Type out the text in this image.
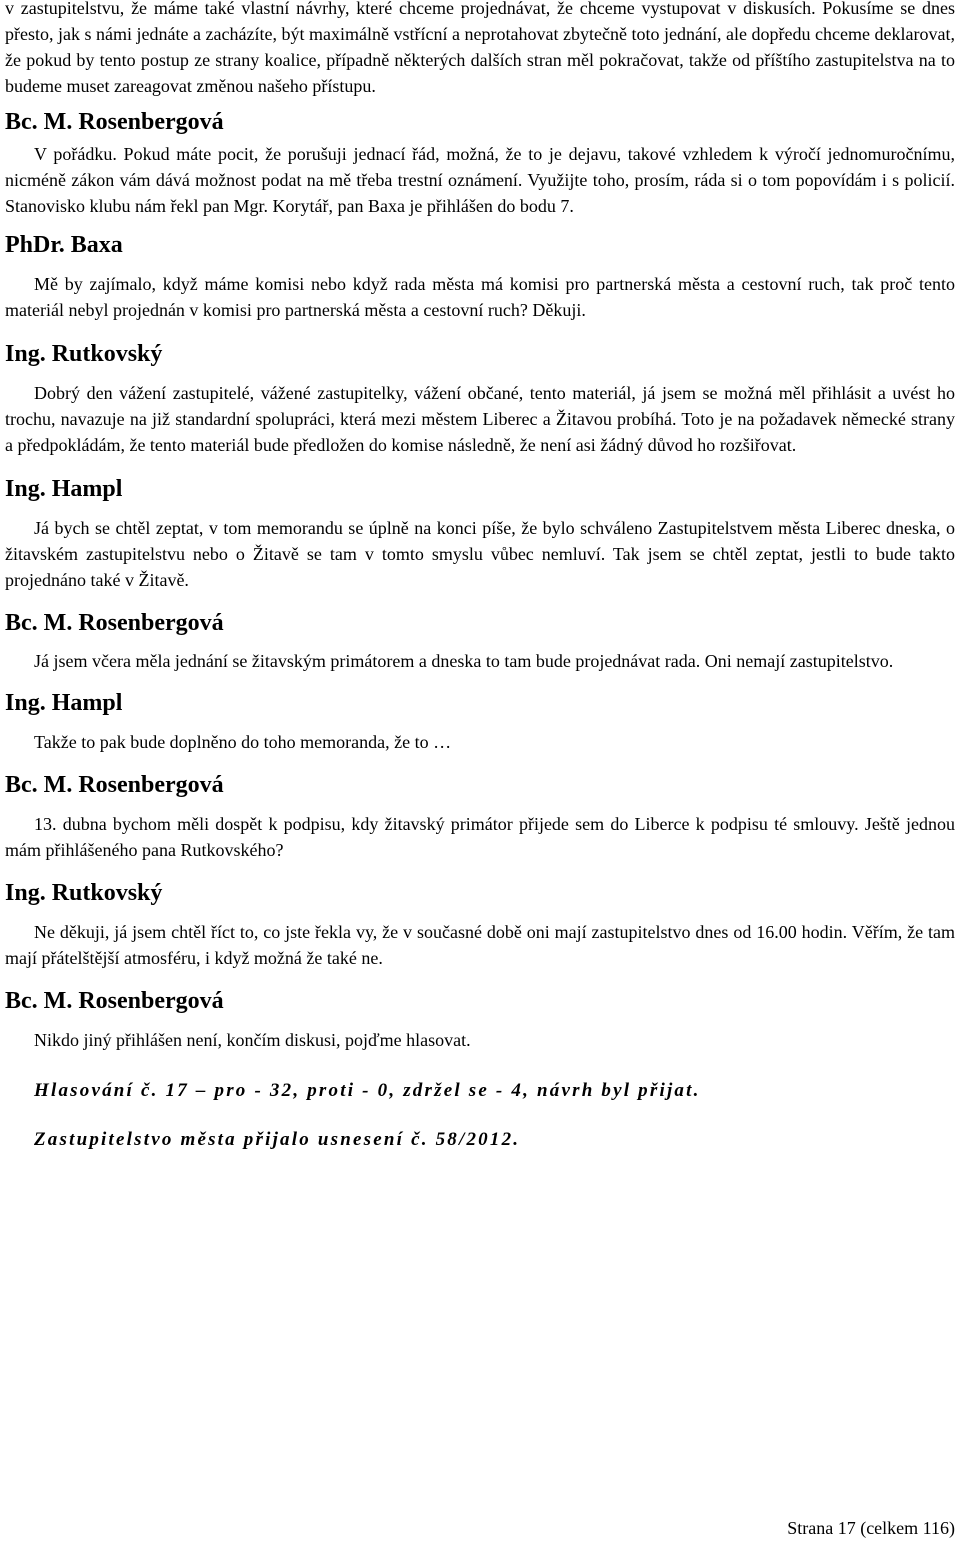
v zastupitelstvu, že máme také vlastní návrhy, které chceme projednávat, že chceme vystupovat v diskusích. Pokusíme se dnes přesto, jak s námi jednáte a zacházíte, být maximálně vstřícní a neprotahovat zbytečně toto jednání, ale dopředu chceme deklarovat, že pokud by tento postup ze strany koalice, případně některých dalších stran měl pokračovat, takže od příštího zastupitelstva na to budeme muset zareagovat změnou našeho přístupu.
Bc. M. Rosenbergová
V pořádku. Pokud máte pocit, že porušuji jednací řád, možná, že to je dejavu, takové vzhledem k výročí jednomuročnímu, nicméně zákon vám dává možnost podat na mě třeba trestní oznámení. Využijte toho, prosím, ráda si o tom popovídám i s policií. Stanovisko klubu nám řekl pan Mgr. Korytář, pan Baxa je přihlášen do bodu 7.
PhDr. Baxa
Mě by zajímalo, když máme komisi nebo když rada města má komisi pro partnerská města a cestovní ruch, tak proč tento materiál nebyl projednán v komisi pro partnerská města a cestovní ruch? Děkuji.
Ing. Rutkovský
Dobrý den vážení zastupitelé, vážené zastupitelky, vážení občané, tento materiál, já jsem se možná měl přihlásit a uvést ho trochu, navazuje na již standardní spolupráci, která mezi městem Liberec a Žitavou probíhá. Toto je na požadavek německé strany a předpokládám, že tento materiál bude předložen do komise následně, že není asi žádný důvod ho rozšiřovat.
Ing. Hampl
Já bych se chtěl zeptat, v tom memorandu se úplně na konci píše, že bylo schváleno Zastupitelstvem města Liberec dneska, o žitavském zastupitelstvu nebo o Žitavě se tam v tomto smyslu vůbec nemluví. Tak jsem se chtěl zeptat, jestli to bude takto projednáno také v Žitavě.
Bc. M. Rosenbergová
Já jsem včera měla jednání se žitavským primátorem a dneska to tam bude projednávat rada. Oni nemají zastupitelstvo.
Ing. Hampl
Takže to pak bude doplněno do toho memoranda, že to …
Bc. M. Rosenbergová
13. dubna bychom měli dospět k podpisu, kdy žitavský primátor přijede sem do Liberce k podpisu té smlouvy. Ještě jednou mám přihlášeného pana Rutkovského?
Ing. Rutkovský
Ne děkuji, já jsem chtěl říct to, co jste řekla vy, že v současné době oni mají zastupitelstvo dnes od 16.00 hodin. Věřím, že tam mají přátelštější atmosféru, i když možná že také ne.
Bc. M. Rosenbergová
Nikdo jiný přihlášen není, končím diskusi, pojďme hlasovat.
Hlasování č. 17 – pro - 32, proti - 0, zdržel se - 4, návrh byl přijat.
Zastupitelstvo města přijalo usnesení č. 58/2012.
Strana 17 (celkem 116)
